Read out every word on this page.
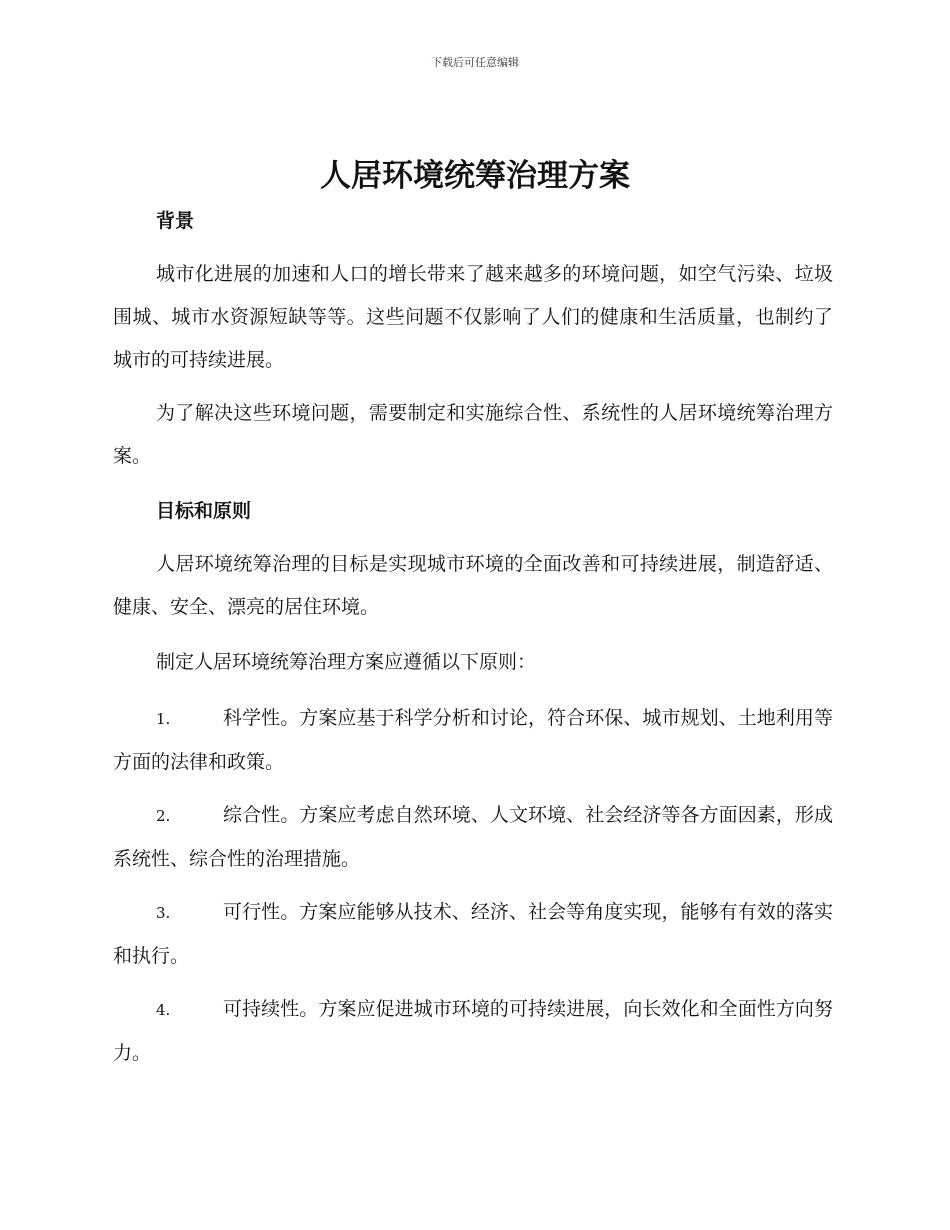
下载后可任意编辑
人居环境统筹治理方案

背景

城市化进展的加速和人口的增长带来了越来越多的环境问题，如空气污染、垃圾围城、城市水资源短缺等等。这些问题不仅影响了人们的健康和生活质量，也制约了城市的可持续进展。

为了解决这些环境问题，需要制定和实施综合性、系统性的人居环境统筹治理方案。

目标和原则

人居环境统筹治理的目标是实现城市环境的全面改善和可持续进展，制造舒适、健康、安全、漂亮的居住环境。

制定人居环境统筹治理方案应遵循以下原则：

1.	科学性。方案应基于科学分析和讨论，符合环保、城市规划、土地利用等方面的法律和政策。

2.	综合性。方案应考虑自然环境、人文环境、社会经济等各方面因素，形成系统性、综合性的治理措施。

3.	可行性。方案应能够从技术、经济、社会等角度实现，能够有有效的落实和执行。

4.	可持续性。方案应促进城市环境的可持续进展，向长效化和全面性方向努力。
